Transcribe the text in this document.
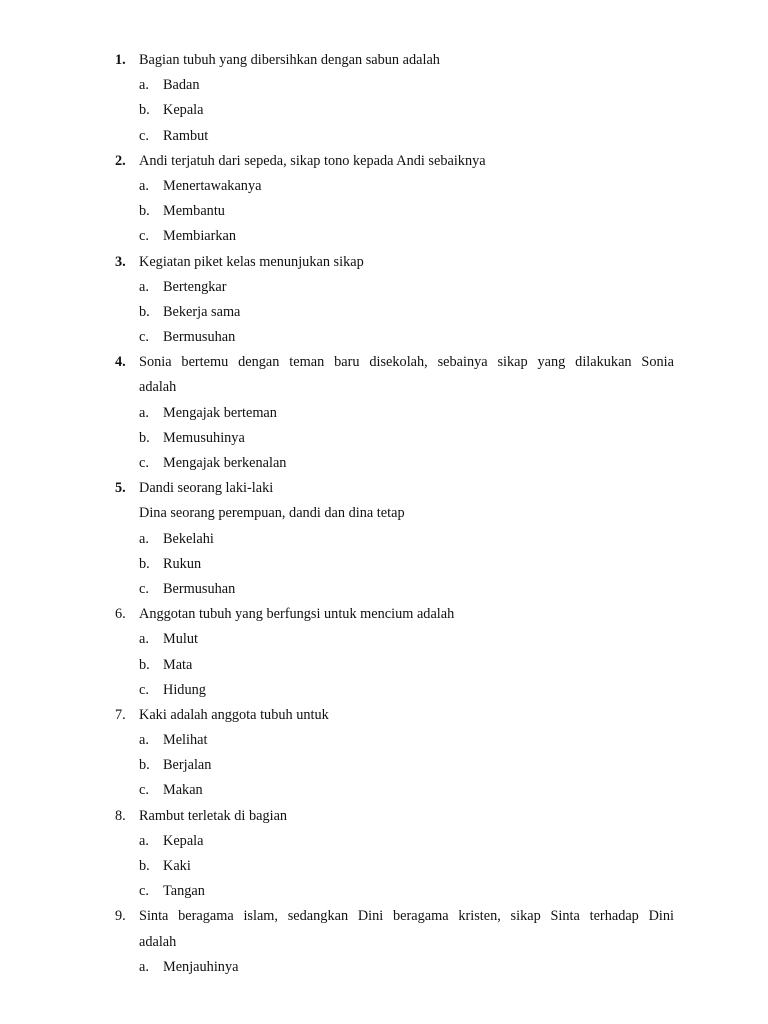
1. Bagian tubuh yang dibersihkan dengan sabun adalah
a. Badan
b. Kepala
c. Rambut
2. Andi terjatuh dari sepeda, sikap tono kepada Andi sebaiknya
a. Menertawakanya
b. Membantu
c. Membiarkan
3. Kegiatan piket kelas menunjukan sikap
a. Bertengkar
b. Bekerja sama
c. Bermusuhan
4. Sonia bertemu dengan teman baru disekolah, sebainya sikap yang dilakukan Sonia
adalah
a. Mengajak berteman
b. Memusuhinya
c. Mengajak berkenalan
5. Dandi seorang laki-laki
Dina seorang perempuan, dandi dan dina tetap
a. Bekelahi
b. Rukun
c. Bermusuhan
6. Anggotan tubuh yang berfungsi untuk mencium adalah
a. Mulut
b. Mata
c. Hidung
7. Kaki adalah anggota tubuh untuk
a. Melihat
b. Berjalan
c. Makan
8. Rambut terletak di bagian
a. Kepala
b. Kaki
c. Tangan
9. Sinta beragama islam, sedangkan Dini beragama kristen, sikap Sinta terhadap Dini
adalah
a. Menjauhinya
